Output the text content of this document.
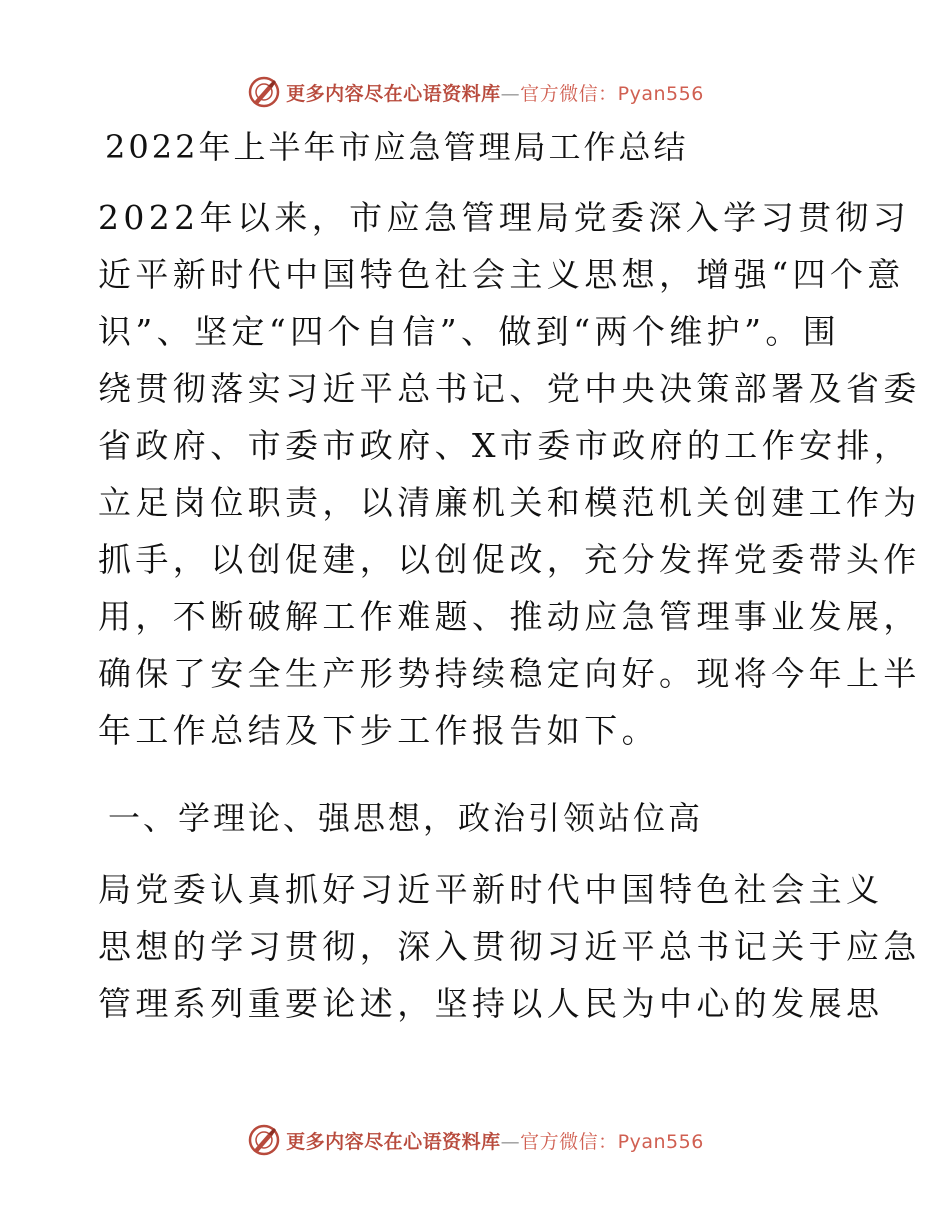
更多内容尽在心语资料库—官方微信：Pyan556
2022年上半年市应急管理局工作总结
2022年以来，市应急管理局党委深入学习贯彻习
近平新时代中国特色社会主义思想，增强“四个意
识”、坚定“四个自信”、做到“两个维护”。围
绕贯彻落实习近平总书记、党中央决策部署及省委
省政府、市委市政府、X市委市政府的工作安排，
立足岗位职责，以清廉机关和模范机关创建工作为
抓手，以创促建，以创促改，充分发挥党委带头作
用，不断破解工作难题、推动应急管理事业发展，
确保了安全生产形势持续稳定向好。现将今年上半
年工作总结及下步工作报告如下。
一、学理论、强思想，政治引领站位高
局党委认真抓好习近平新时代中国特色社会主义
思想的学习贯彻，深入贯彻习近平总书记关于应急
管理系列重要论述，坚持以人民为中心的发展思
更多内容尽在心语资料库—官方微信：Pyan556
